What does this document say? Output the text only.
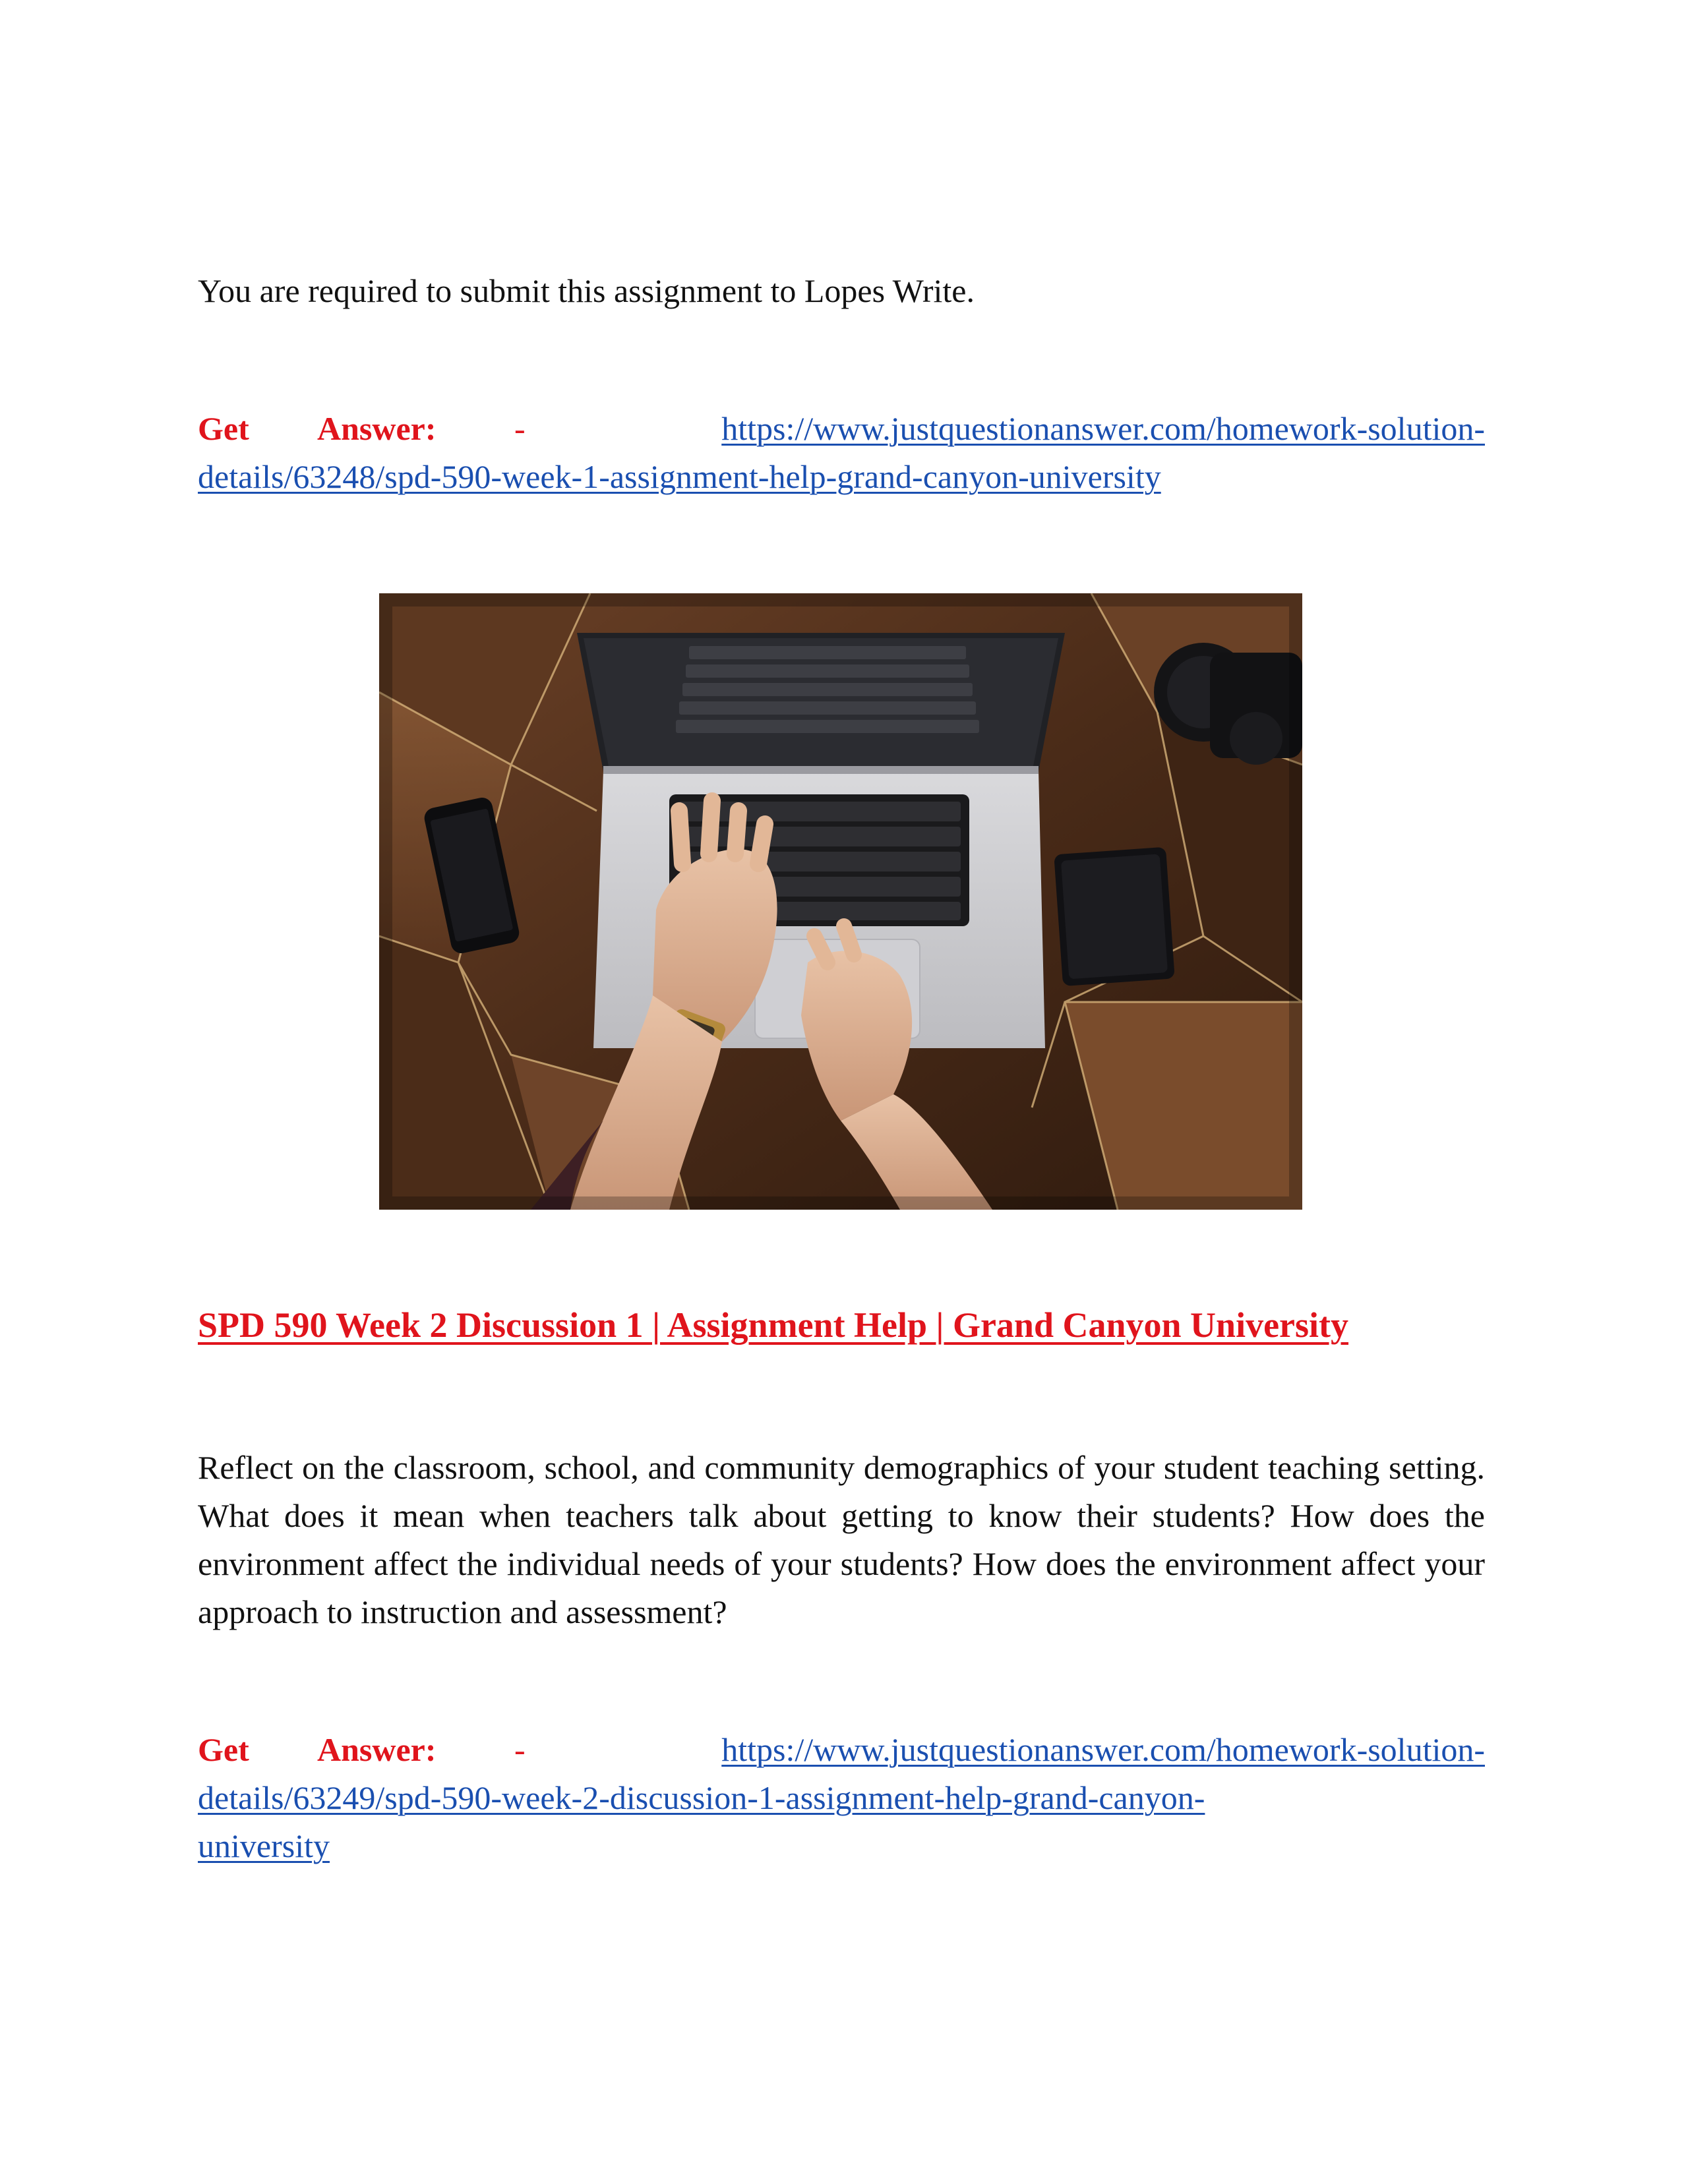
You are required to submit this assignment to Lopes Write.

Get Answer: -	https://www.justquestionanswer.com/homework-solution-

details/63248/spd-590-week-1-assignment-help-grand-canyon-university

SPD 590 Week 2 Discussion 1 | Assignment Help | Grand Canyon University

Reflect on the classroom, school, and community demographics of your student teaching setting. What does it mean when teachers talk about getting to know their students? How does the environment affect the individual needs of your students? How does the environment affect your approach to instruction and assessment?

Get Answer: -	https://www.justquestionanswer.com/homework-solution-

details/63249/spd-590-week-2-discussion-1-assignment-help-grand-canyon-

university
